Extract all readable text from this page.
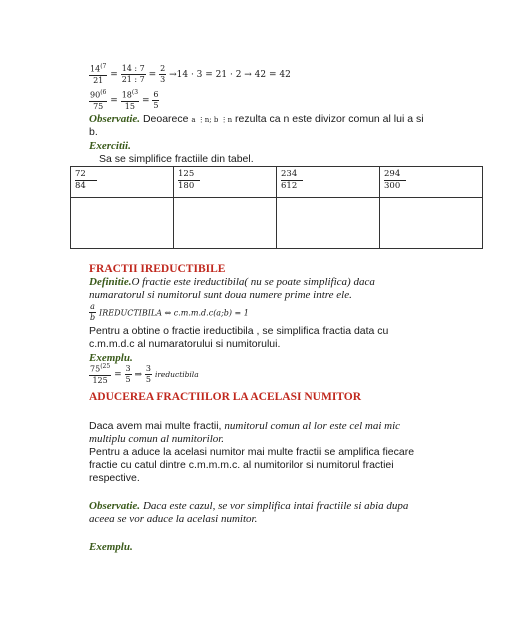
$\frac{14^{(7}}{21} = \frac{14 : 7}{21 : 7} = \frac{2}{3} \to 14 \cdot 3 = 21 \cdot 2 \to 42 = 42$
$\frac{90^{(6}}{75} = \frac{18^{(3}}{15} = \frac{6}{5}$
Observatie. Deoarece a ⋮n; b ⋮n rezulta ca n este divizor comun al lui a si
b.
Exercitii.
Sa se simplifice fractiile din tabel.
$\frac{72}{84}$	$\frac{125}{180}$	$\frac{234}{612}$	$\frac{294}{300}$

FRACTII IREDUCTIBILE
Definitie.O fractie este ireductibila( nu se poate simplifica) daca
numaratorul si numitorul sunt doua numere prime intre ele.
$\frac{a}{b}$ IREDUCTIBILA ⇔ c.m.m.d.c(a;b) = 1
Pentru a obtine o fractie ireductibila , se simplifica fractia data cu
c.m.m.d.c al numaratorului si numitorului.
Exemplu.
$\frac{75^{(25}}{125} = \frac{3}{5}$ ⇒ $\frac{3}{5}$ ireductibila
ADUCEREA FRACTIILOR LA ACELASI NUMITOR
Daca avem mai multe fractii, numitorul comun al lor este cel mai mic
multiplu comun al numitorilor.
Pentru a aduce la acelasi numitor mai multe fractii se amplifica fiecare
fractie cu catul dintre c.m.m.m.c. al numitorilor si numitorul fractiei
respective.
Observatie. Daca este cazul, se vor simplifica intai fractiile si abia dupa
aceea se vor aduce la acelasi numitor.
Exemplu.
